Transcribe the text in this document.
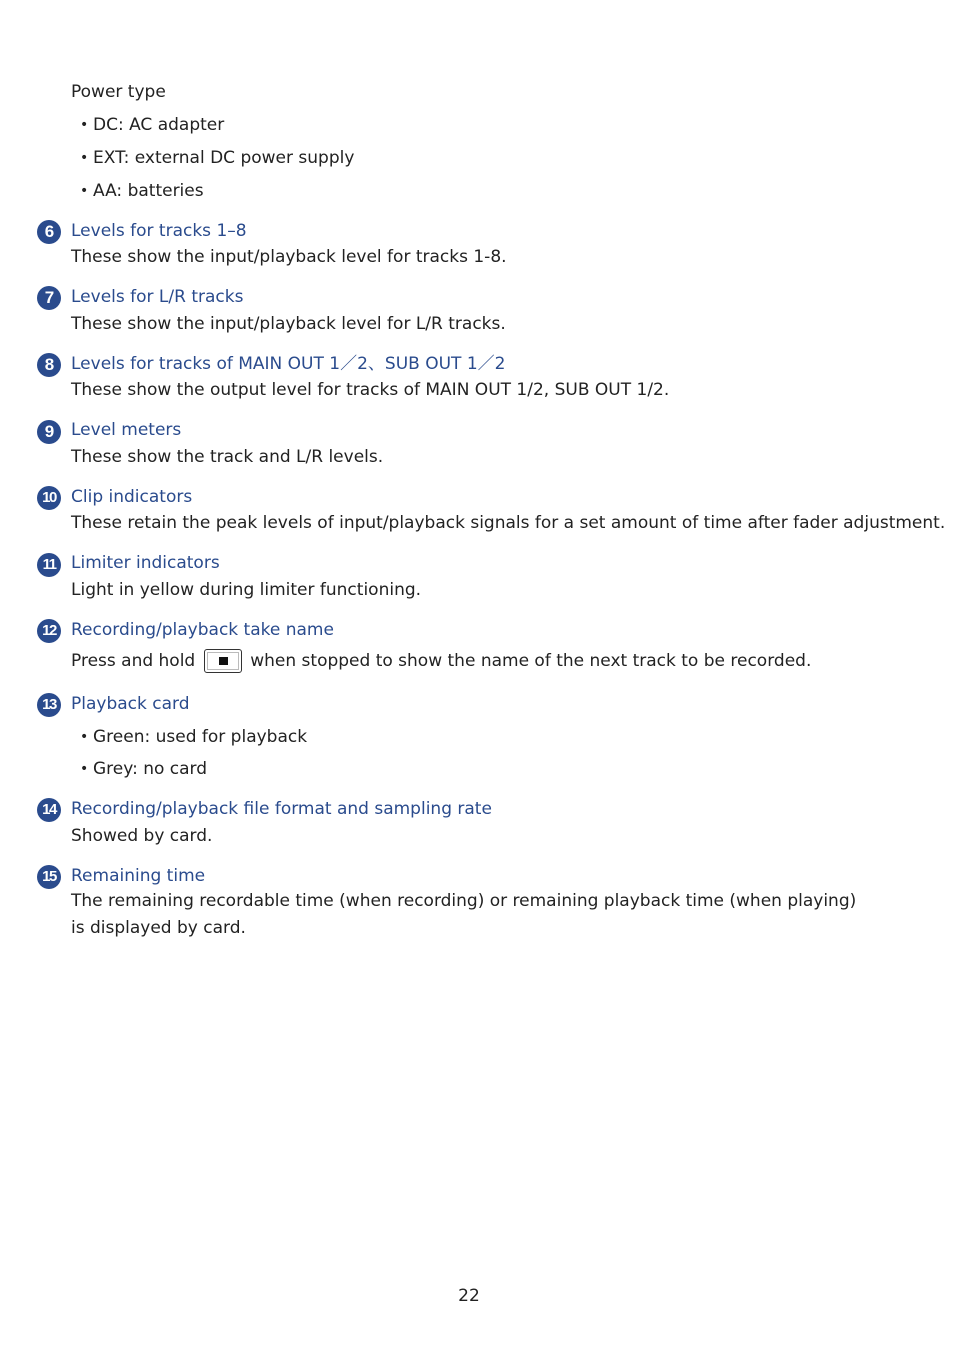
Power type
• DC: AC adapter
• EXT: external DC power supply
• AA: batteries
6	Levels for tracks 1–8
These show the input/playback level for tracks 1-8.
7	Levels for L/R tracks
These show the input/playback level for L/R tracks.
8	Levels for tracks of MAIN OUT 1／2、SUB OUT 1／2
These show the output level for tracks of MAIN OUT 1/2, SUB OUT 1/2.
9	Level meters
These show the track and L/R levels.
10 Clip indicators
These retain the peak levels of input/playback signals for a set amount of time after fader adjustment.
11 Limiter indicators
Light in yellow during limiter functioning.
12 Recording/playback take name
Press and hold	when stopped to show the name of the next track to be recorded.
13 Playback card
• Green: used for playback
• Grey: no card
14 Recording/playback file format and sampling rate
Showed by card.
15 Remaining time
The remaining recordable time (when recording) or remaining playback time (when playing) is displayed by card.
22
